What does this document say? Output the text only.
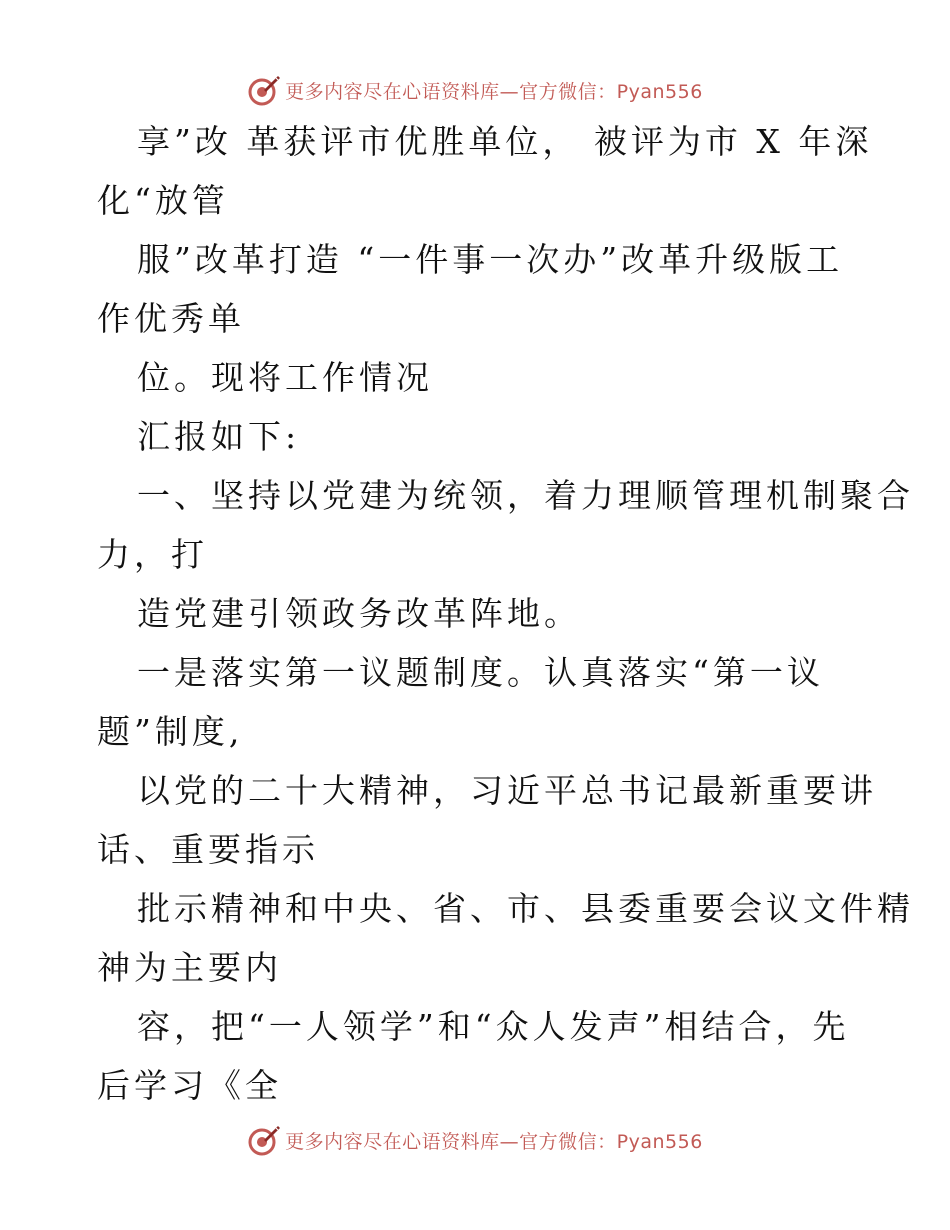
更多内容尽在心语资料库—官方微信：Pyan556
享”改 革获评市优胜单位， 被评为市 X 年深
化“放管
服”改革打造 “一件事一次办”改革升级版工
作优秀单
位。现将工作情况
汇报如下:
一、坚持以党建为统领，着力理顺管理机制聚合
力，打
造党建引领政务改革阵地。
一是落实第一议题制度。认真落实“第一议
题”制度,
以党的二十大精神，习近平总书记最新重要讲
话、重要指示
批示精神和中央、省、市、县委重要会议文件精
神为主要内
容，把“一人领学”和“众人发声”相结合，先
后学习《全
更多内容尽在心语资料库—官方微信：Pyan556
